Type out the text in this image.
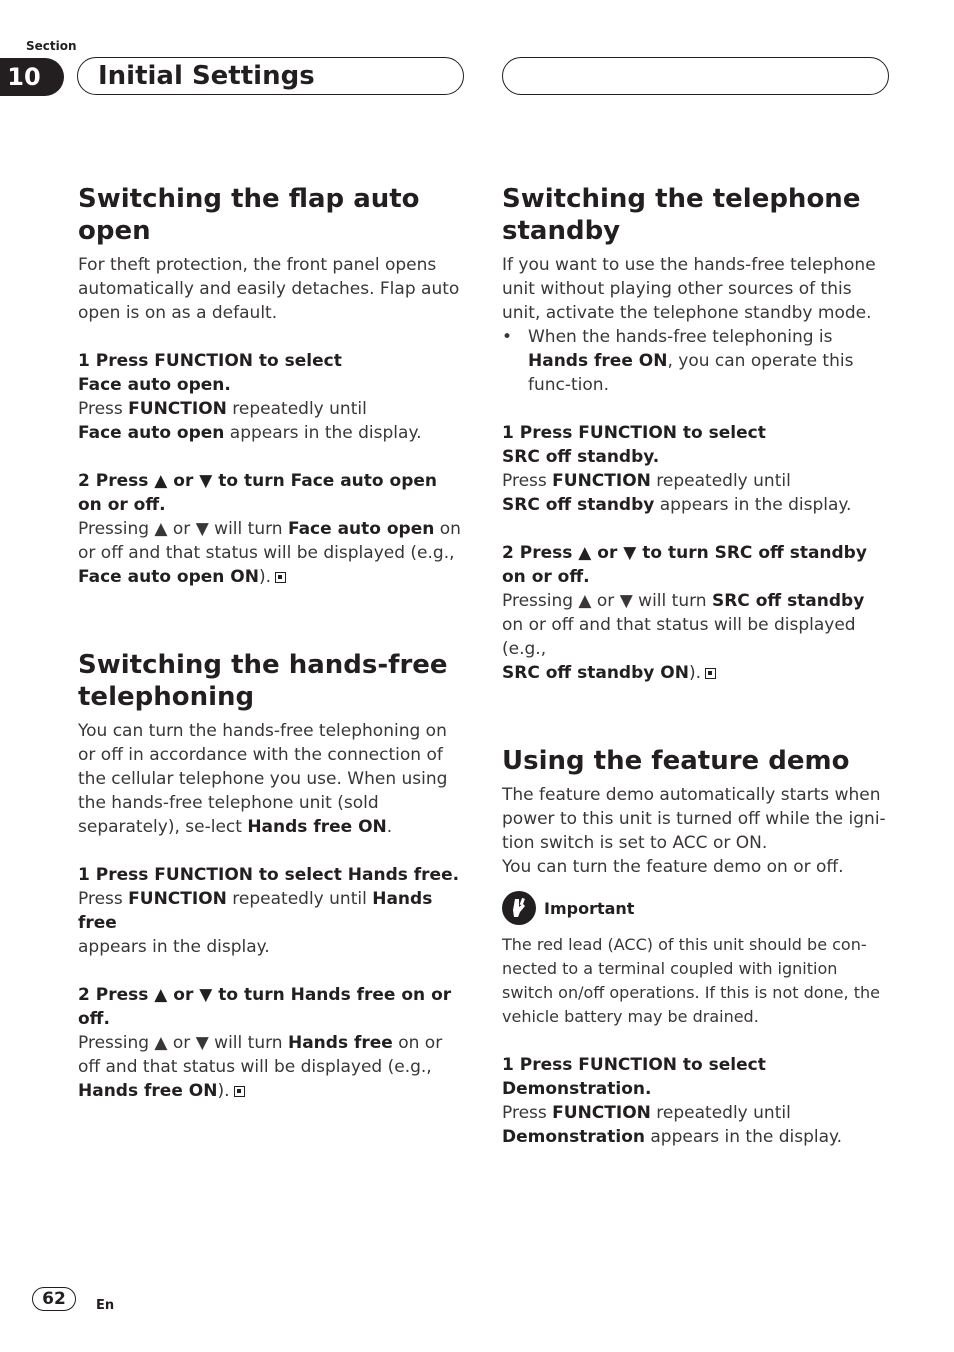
Section
10	Initial Settings
Switching the flap auto open

For theft protection, the front panel opens automatically and easily detaches. Flap auto open is on as a default.

1 Press FUNCTION to select
Face auto open.

Press FUNCTION repeatedly until
Face auto open appears in the display.

2 Press ▲ or ▼ to turn Face auto open on or off.

Pressing ▲ or ▼ will turn Face auto open on or off and that status will be displayed (e.g.,
Face auto open ON).

Switching the hands-free telephoning

You can turn the hands-free telephoning on or off in accordance with the connection of the cellular telephone you use. When using the hands-free telephone unit (sold separately), se-lect Hands free ON.

1 Press FUNCTION to select Hands free.

Press FUNCTION repeatedly until Hands free
appears in the display.

2 Press ▲ or ▼ to turn Hands free on or off.

Pressing ▲ or ▼ will turn Hands free on or off and that status will be displayed (e.g.,
Hands free ON).

Switching the telephone standby

If you want to use the hands-free telephone unit without playing other sources of this unit, activate the telephone standby mode.

• When the hands-free telephoning is Hands free ON, you can operate this func-tion.

1 Press FUNCTION to select
SRC off standby.

Press FUNCTION repeatedly until
SRC off standby appears in the display.

2 Press ▲ or ▼ to turn SRC off standby on or off.

Pressing ▲ or ▼ will turn SRC off standby on or off and that status will be displayed (e.g.,
SRC off standby ON).

Using the feature demo

The feature demo automatically starts when power to this unit is turned off while the igni-tion switch is set to ACC or ON.

You can turn the feature demo on or off.

Important

The red lead (ACC) of this unit should be con-nected to a terminal coupled with ignition switch on/off operations. If this is not done, the vehicle battery may be drained.

1 Press FUNCTION to select
Demonstration.

Press FUNCTION repeatedly until
Demonstration appears in the display.

62	En
